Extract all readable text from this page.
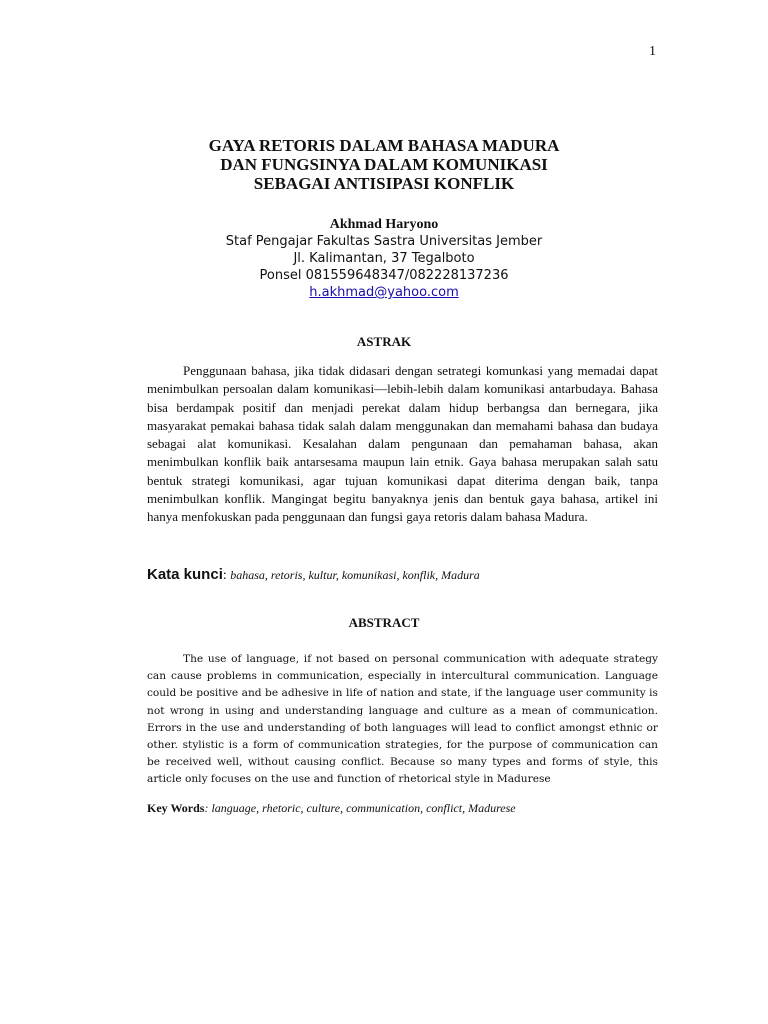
1
GAYA RETORIS DALAM BAHASA MADURA
DAN FUNGSINYA DALAM KOMUNIKASI
SEBAGAI ANTISIPASI KONFLIK
Akhmad Haryono
Staf Pengajar Fakultas Sastra Universitas Jember
Jl. Kalimantan, 37 Tegalboto
Ponsel 081559648347/082228137236
h.akhmad@yahoo.com
ASTRAK

Penggunaan bahasa, jika tidak didasari dengan setrategi komunkasi yang memadai dapat menimbulkan persoalan dalam komunikasi—lebih-lebih dalam komunikasi antarbudaya. Bahasa bisa berdampak positif dan menjadi perekat dalam hidup berbangsa dan bernegara, jika masyarakat pemakai bahasa tidak salah dalam menggunakan dan memahami bahasa dan budaya sebagai alat komunikasi. Kesalahan dalam pengunaan dan pemahaman bahasa, akan menimbulkan konflik baik antarsesama maupun lain etnik. Gaya bahasa merupakan salah satu bentuk strategi komunikasi, agar tujuan komunikasi dapat diterima dengan baik, tanpa menimbulkan konflik. Mangingat begitu banyaknya jenis dan bentuk gaya bahasa, artikel ini hanya menfokuskan pada penggunaan dan fungsi gaya retoris dalam bahasa Madura.

Kata kunci: bahasa, retoris, kultur, komunikasi, konflik, Madura
ABSTRACT

The use of language, if not based on personal communication with adequate strategy can cause problems in communication, especially in intercultural communication. Language could be positive and be adhesive in life of nation and state, if the language user community is not wrong in using and understanding language and culture as a mean of communication. Errors in the use and understanding of both languages will lead to conflict amongst ethnic or other. stylistic is a form of communication strategies, for the purpose of communication can be received well, without causing conflict. Because so many types and forms of style, this article only focuses on the use and function of rhetorical style in Madurese

Key Words: language, rhetoric, culture, communication, conflict, Madurese
